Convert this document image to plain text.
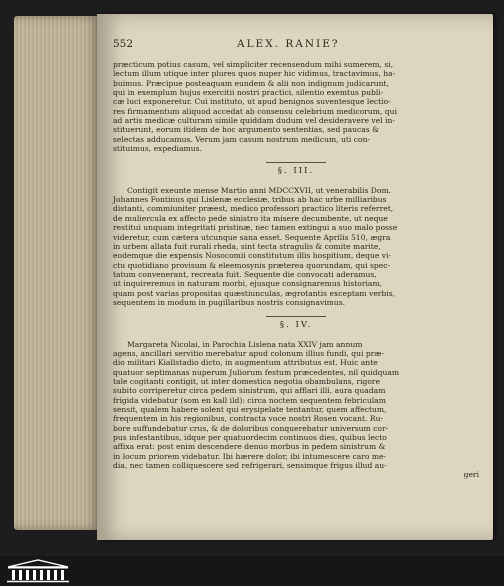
552	ALEX. RANIE?

præcticum potius casum, vel simpliciter recensendum mihi sumerem, si,

lectum illum utique inter plures quos nuper hic vidimus, tractavimus, ha-

buimus. Præcipue posteaquam eundem & alii non indignum judicarunt,

qui in exemplum hujus exercitii nostri practici, silentio exemtus publi-

cæ luci exponeretur. Cui instituto, ut apud benignos suventesque lectio-

res firmamentum aliquod accedat ab consensu celebrium medicorum, qui

ad artis medicæ culturam simile quiddam dudum vel desideravere vel in-

stituerunt, eorum itidem de hoc argumento sententias, sed paucas &

selectas adducamus. Verum jam casum nostrum medicum, uti con-

stituimus, expediamus.

§. III.

Contigit exeunte mense Martio anni MDCCXVII, ut venerabilis Dom.

Johannes Fontinus qui Lislenæ ecclesiæ, tribus ab hac urbe milliaribus

distanti, commiuniter præest, medico professori practico literis referret,

de muliercula ex affecto pede sinistro ita misere decumbente, ut neque

restitui unquam integritati pristinæ, nec tamen extingui a suo malo posse

videretur, cum cætera utcunque sana esset. Sequente Aprilis 510, ægra

in urbem allata fuit rurali rheda, sint tecta stragulis & comite marite,

eodemque die expensis Nosocomii constitutum illis hospitium, deque vi-

ctu quotidiano provisum & eleemosynis præterea quorundam, qui spec-

tatum convenerant, recreata fuit. Sequente die convocati aderamus,

ut inquireremus in naturam morbi, ejusque consignaremus historiam,

quam post varias propositas quæstiunculas, ægrotantis exceptam verbis,

sequentem in modum in pugillaribus nostris consignavimus.

§. IV.

Margareta Nicolai, in Parochia Lislena nata XXIV jam annum

agens, ancillari servitio merebatur apud colonum illius fundi, qui præ-

dio militari Kiallstadio dicto, in augmentum attributus est. Huic ante

quatuor septimanas nuperum Juliorum festum præcedentes, nil quidquam

tale cogitanti contigit, ut inter domestica negotia obambulans, rigore

subito corriperetur circa pedem sinistrum, qui afflari illi, aura quadam

frigida videbatur (som en kall ild): circa noctem sequentem febriculam

sensit, qualem habere solent qui erysipelate tentantur, quem affectum,

frequentem in his regionibus, contracta voce nostri Rosen vocant. Ru-

bore suffundebatur crus, & de doloribus conquerebatur universum cor-

pus infestantibus, idque per quatuordecim continuos dies, quibus lecto

affixa erat: post enim descendere denuo morbus in pedem sinistrum &

in locum priorem videbatur. Ibi hærere dolor, ibi intumescere caro me-

dia, nec tamen colliquescere sed refrigerari, sensimque frigus illud au-

geri
